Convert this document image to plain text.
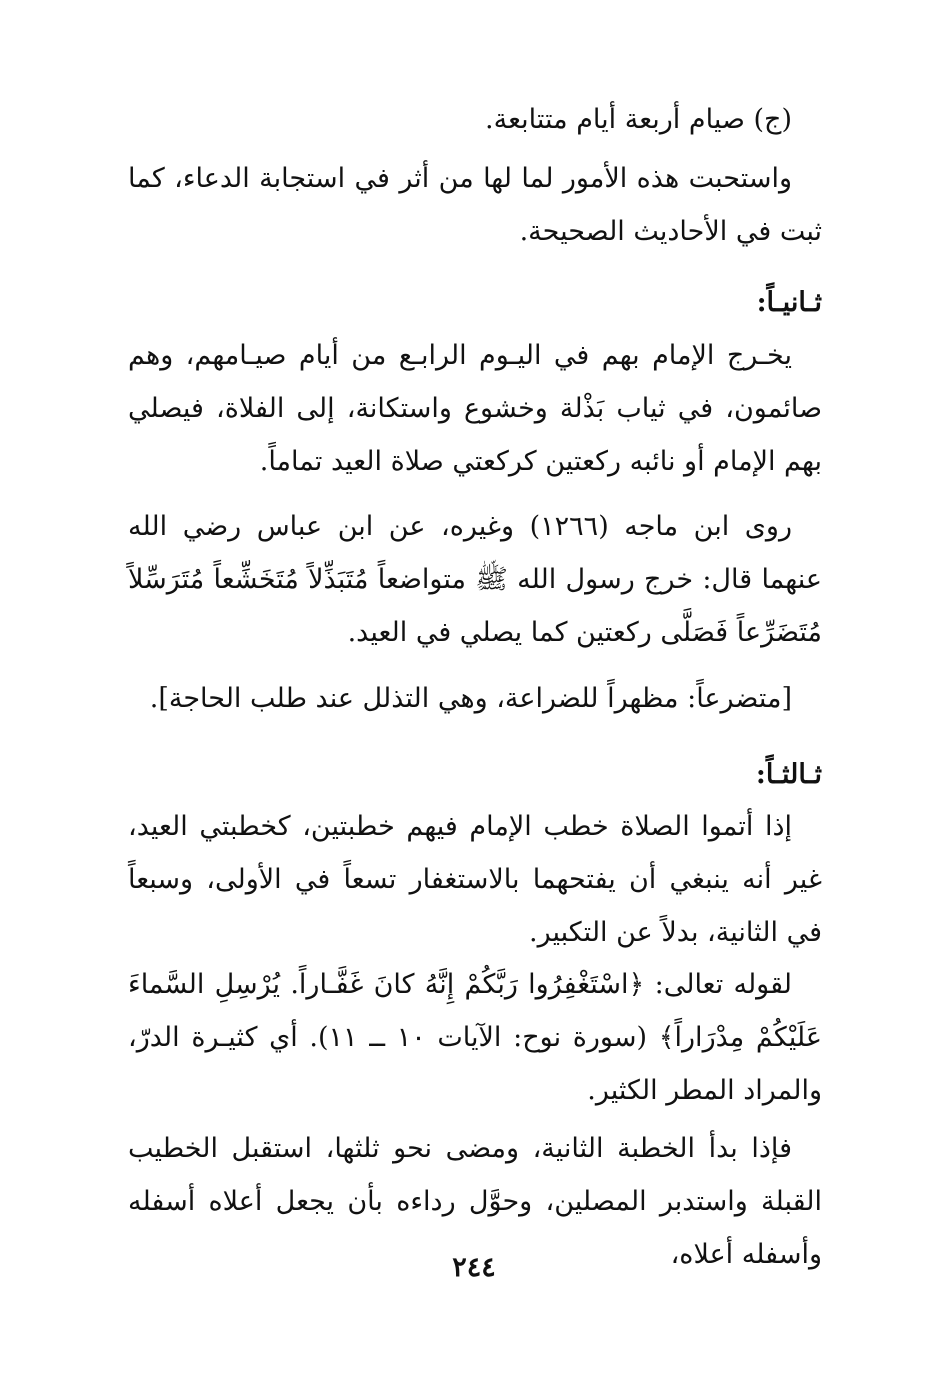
(ج) صيام أربعة أيام متتابعة.

واستحبت هذه الأمور لما لها من أثر في استجابة الدعاء، كما ثبت في الأحاديث الصحيحة.

ثـانيـاً:

يخـرج الإمام بهم في اليـوم الرابـع من أيام صيـامهم، وهم صائمون، في ثياب بَذْلة وخشوع واستكانة، إلى الفلاة، فيصلي بهم الإمام أو نائبه ركعتين كركعتي صلاة العيد تماماً.

روى ابن ماجه (١٢٦٦) وغيره، عن ابن عباس رضي الله عنهما قال: خرج رسول الله ﷺ متواضعاً مُتَبَذِّلاً مُتَخَشِّعاً مُتَرَسِّلاً مُتَضَرِّعاً فَصَلَّى ركعتين كما يصلي في العيد.

[متضرعاً: مظهراً للضراعة، وهي التذلل عند طلب الحاجة].

ثـالثـاً:

إذا أتموا الصلاة خطب الإمام فيهم خطبتين، كخطبتي العيد، غير أنه ينبغي أن يفتحهما بالاستغفار تسعاً في الأولى، وسبعاً في الثانية، بدلاً عن التكبير.

لقوله تعالى: ﴿اسْتَغْفِرُوا رَبَّكُمْ إِنَّهُ كانَ غَفَّـاراً. يُرْسِلِ السَّماءَ عَلَيْكُمْ مِدْرَاراً﴾ (سورة نوح: الآيات ١٠ ــ ١١). أي كثيـرة الدرّ، والمراد المطر الكثير.

فإذا بدأ الخطبة الثانية، ومضى نحو ثلثها، استقبل الخطيب القبلة واستدبر المصلين، وحوَّل رداءه بأن يجعل أعلاه أسفله وأسفله أعلاه،

٢٤٤
